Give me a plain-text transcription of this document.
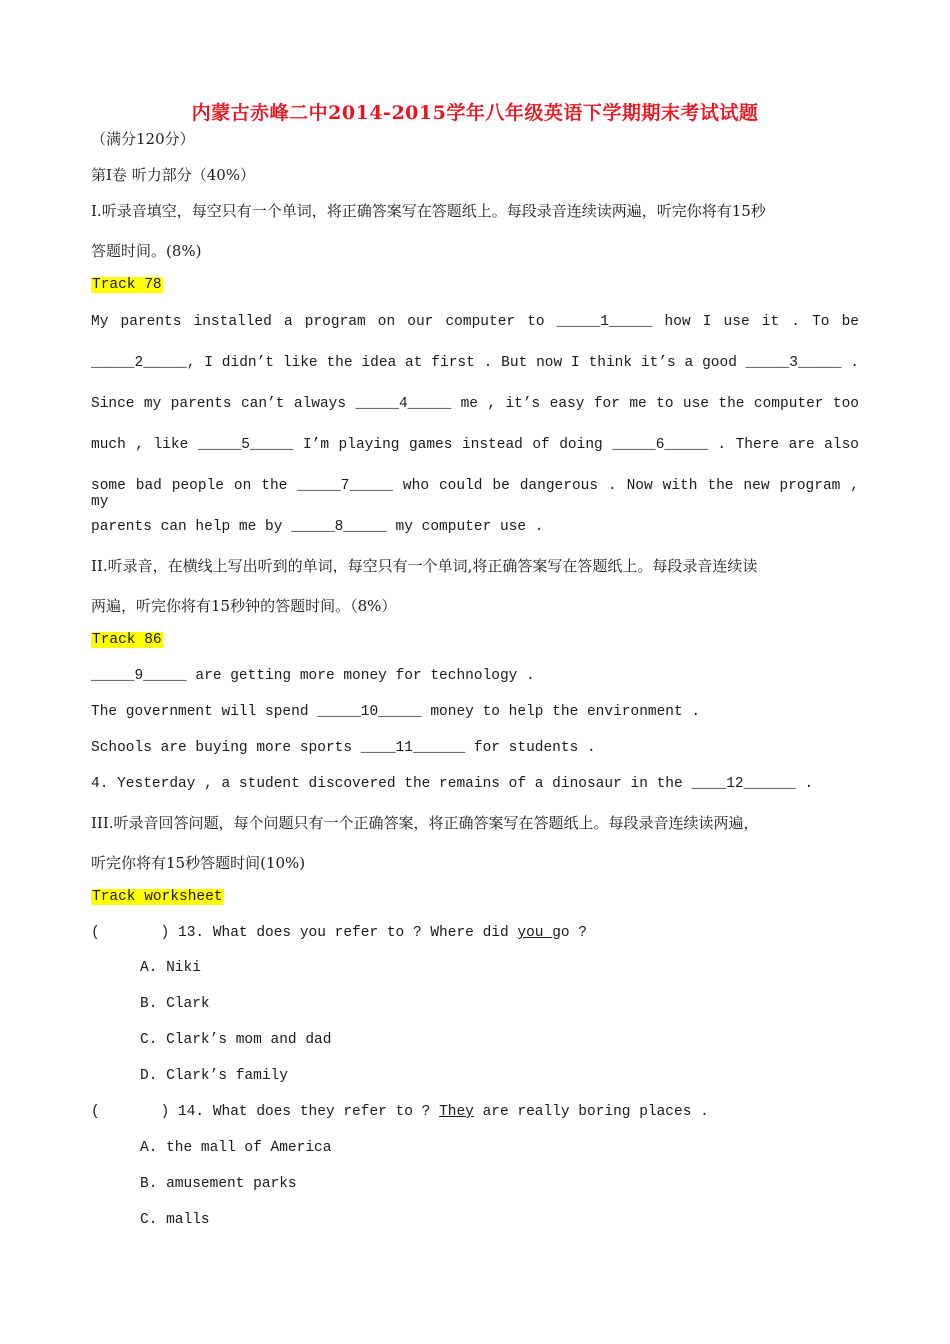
内蒙古赤峰二中2014-2015学年八年级英语下学期期末考试试题
（满分120分）
第Ⅰ卷 听力部分（40%）
I.听录音填空，每空只有一个单词，将正确答案写在答题纸上。每段录音连续读两遍，听完你将有15秒
答题时间。(8%)
Track 78
My parents installed a program on our computer to _____1_____ how I use it . To be
_____2_____, I didn’t like the idea at first . But now I think it’s a good _____3_____ .
Since my parents can’t always _____4_____ me , it’s easy for me to use the computer too
much , like _____5_____ I’m playing games instead of doing _____6_____ . There are also
some bad people on the _____7_____ who could be dangerous . Now with the new program , my
parents can help me by _____8_____ my computer use .
II.听录音，在横线上写出听到的单词，每空只有一个单词,将正确答案写在答题纸上。每段录音连续读
两遍，听完你将有15秒钟的答题时间。（8%）
Track 86
_____9_____ are getting more money for technology .
The government will spend _____10_____ money to help the environment .
Schools are buying more sports ____11______ for students .
4. Yesterday , a student discovered the remains of a dinosaur in the ____12______ .
III.听录音回答问题，每个问题只有一个正确答案，将正确答案写在答题纸上。每段录音连续读两遍，
听完你将有15秒答题时间(10%)
Track worksheet
(       ) 13. What does you refer to ? Where did you go ?
A. Niki
B. Clark
C. Clark’s mom and dad
D. Clark’s family
(       ) 14. What does they refer to ? They are really boring places .
A. the mall of America
B. amusement parks
C. malls
